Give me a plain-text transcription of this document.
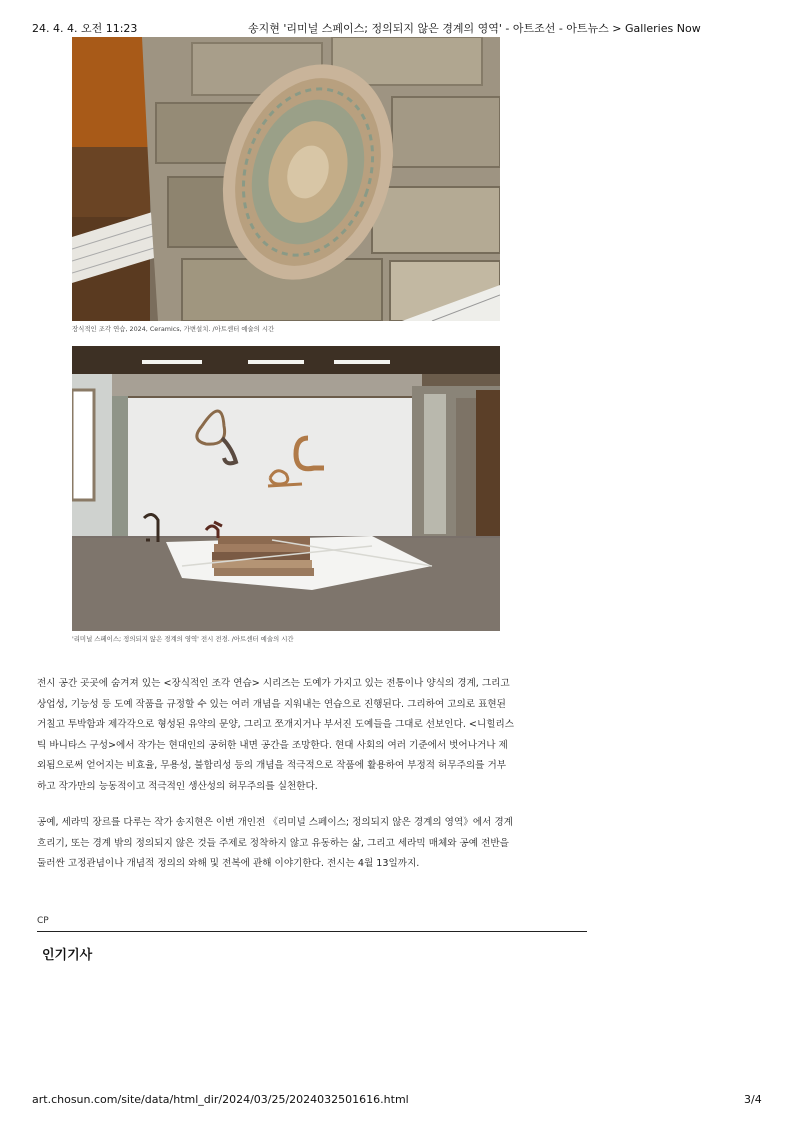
24. 4. 4. 오전 11:23	송지현 '리미널 스페이스; 정의되지 않은 경계의 영역' - 아트조선 - 아트뉴스 > Galleries Now
장식적인 조각 연습, 2024, Ceramics, 가변설치. /아트센터 예술의 시간
'리미널 스페이스; 정의되지 않은 경계의 영역' 전시 전경. /아트센터 예술의 시간
전시 공간 곳곳에 숨겨져 있는 <장식적인 조각 연습> 시리즈는 도예가 가지고 있는 전통이나 양식의 경계, 그리고
상업성, 기능성 등 도예 작품을 규정할 수 있는 여러 개념을 지워내는 연습으로 진행된다. 그리하여 고의로 표현된
거칠고 투박함과 제각각으로 형성된 유약의 문양, 그리고 쪼개지거나 부서진 도예들을 그대로 선보인다. <니힐리스
틱 바니타스 구성>에서 작가는 현대인의 공허한 내면 공간을 조망한다. 현대 사회의 여러 기준에서 벗어나거나 제
외됨으로써 얻어지는 비효율, 무용성, 불합리성 등의 개념을 적극적으로 작품에 활용하여 부정적 허무주의를 거부
하고 작가만의 능동적이고 적극적인 생산성의 허무주의를 실천한다.
공예, 세라믹 장르를 다루는 작가 송지현은 이번 개인전 《리미널 스페이스; 정의되지 않은 경계의 영역》에서 경계
흐리기, 또는 경계 밖의 정의되지 않은 것들 주제로 정착하지 않고 유동하는 삶, 그리고 세라믹 매체와 공예 전반을
둘러싼 고정관념이나 개념적 정의의 와해 및 전복에 관해 이야기한다. 전시는 4월 13일까지.
CP
인기기사
art.chosun.com/site/data/html_dir/2024/03/25/2024032501616.html	3/4
